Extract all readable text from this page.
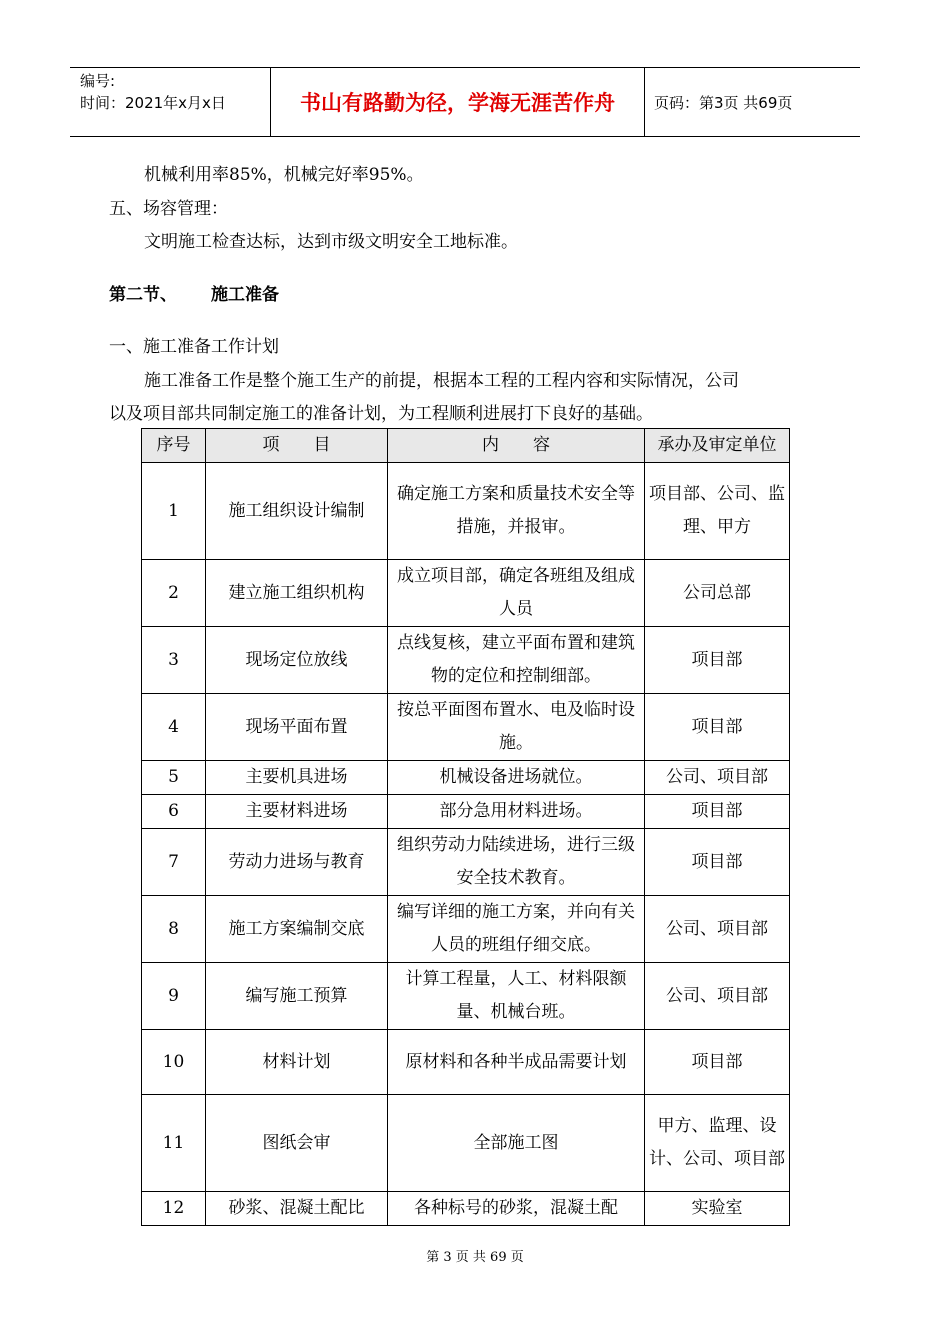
编号:
时间：2021年x月x日	书山有路勤为径，学海无涯苦作舟	页码：第3页 共69页
机械利用率85%，机械完好率95%。
五、场容管理：
文明施工检查达标，达到市级文明安全工地标准。
第二节、 施工准备
一、施工准备工作计划
施工准备工作是整个施工生产的前提，根据本工程的工程内容和实际情况，公司
以及项目部共同制定施工的准备计划，为工程顺利进展打下良好的基础。
序号	项　　目	内　　容	承办及审定单位
1	施工组织设计编制	确定施工方案和质量技术安全等措施，并报审。	项目部、公司、监理、甲方
2	建立施工组织机构	成立项目部，确定各班组及组成人员	公司总部
3	现场定位放线	点线复核，建立平面布置和建筑物的定位和控制细部。	项目部
4	现场平面布置	按总平面图布置水、电及临时设施。	项目部
5	主要机具进场	机械设备进场就位。	公司、项目部
6	主要材料进场	部分急用材料进场。	项目部
7	劳动力进场与教育	组织劳动力陆续进场，进行三级安全技术教育。	项目部
8	施工方案编制交底	编写详细的施工方案，并向有关人员的班组仔细交底。	公司、项目部
9	编写施工预算	计算工程量，人工、材料限额量、机械台班。	公司、项目部
10	材料计划	原材料和各种半成品需要计划	项目部
11	图纸会审	全部施工图	甲方、监理、设计、公司、项目部
12	砂浆、混凝土配比	各种标号的砂浆，混凝土配	实验室
第 3 页 共 69 页
